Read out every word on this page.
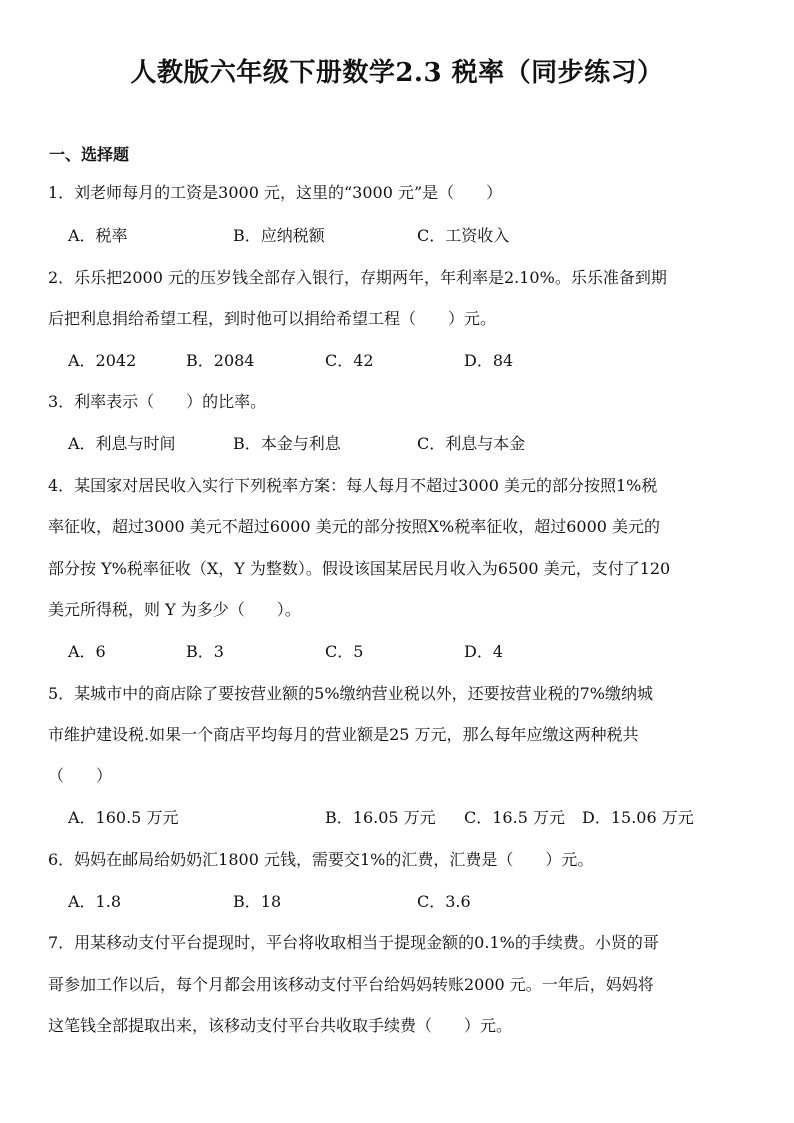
人教版六年级下册数学2.3 税率（同步练习）
一、选择题
1．刘老师每月的工资是3000 元，这里的“3000 元”是（　　）
A．税率	B．应纳税额	C．工资收入
2．乐乐把2000 元的压岁钱全部存入银行，存期两年，年利率是2.10%。乐乐准备到期
后把利息捐给希望工程，到时他可以捐给希望工程（　　）元。
A．2042	B．2084	C．42	D．84
3．利率表示（　　）的比率。
A．利息与时间	B．本金与利息	C．利息与本金
4．某国家对居民收入实行下列税率方案：每人每月不超过3000 美元的部分按照1%税
率征收，超过3000 美元不超过6000 美元的部分按照X%税率征收，超过6000 美元的
部分按 Y%税率征收（X，Y 为整数）。假设该国某居民月收入为6500 美元，支付了120
美元所得税，则 Y 为多少（　　）。
A．6	B．3	C．5	D．4
5．某城市中的商店除了要按营业额的5%缴纳营业税以外，还要按营业税的7%缴纳城
市维护建设税.如果一个商店平均每月的营业额是25 万元，那么每年应缴这两种税共
（　　）
A．160.5 万元	B．16.05 万元 C．16.5 万元 D．15.06 万元
6．妈妈在邮局给奶奶汇1800 元钱，需要交1%的汇费，汇费是（　　）元。
A．1.8	B．18	C．3.6
7．用某移动支付平台提现时，平台将收取相当于提现金额的0.1%的手续费。小贤的哥
哥参加工作以后，每个月都会用该移动支付平台给妈妈转账2000 元。一年后，妈妈将
这笔钱全部提取出来，该移动支付平台共收取手续费（　　）元。
